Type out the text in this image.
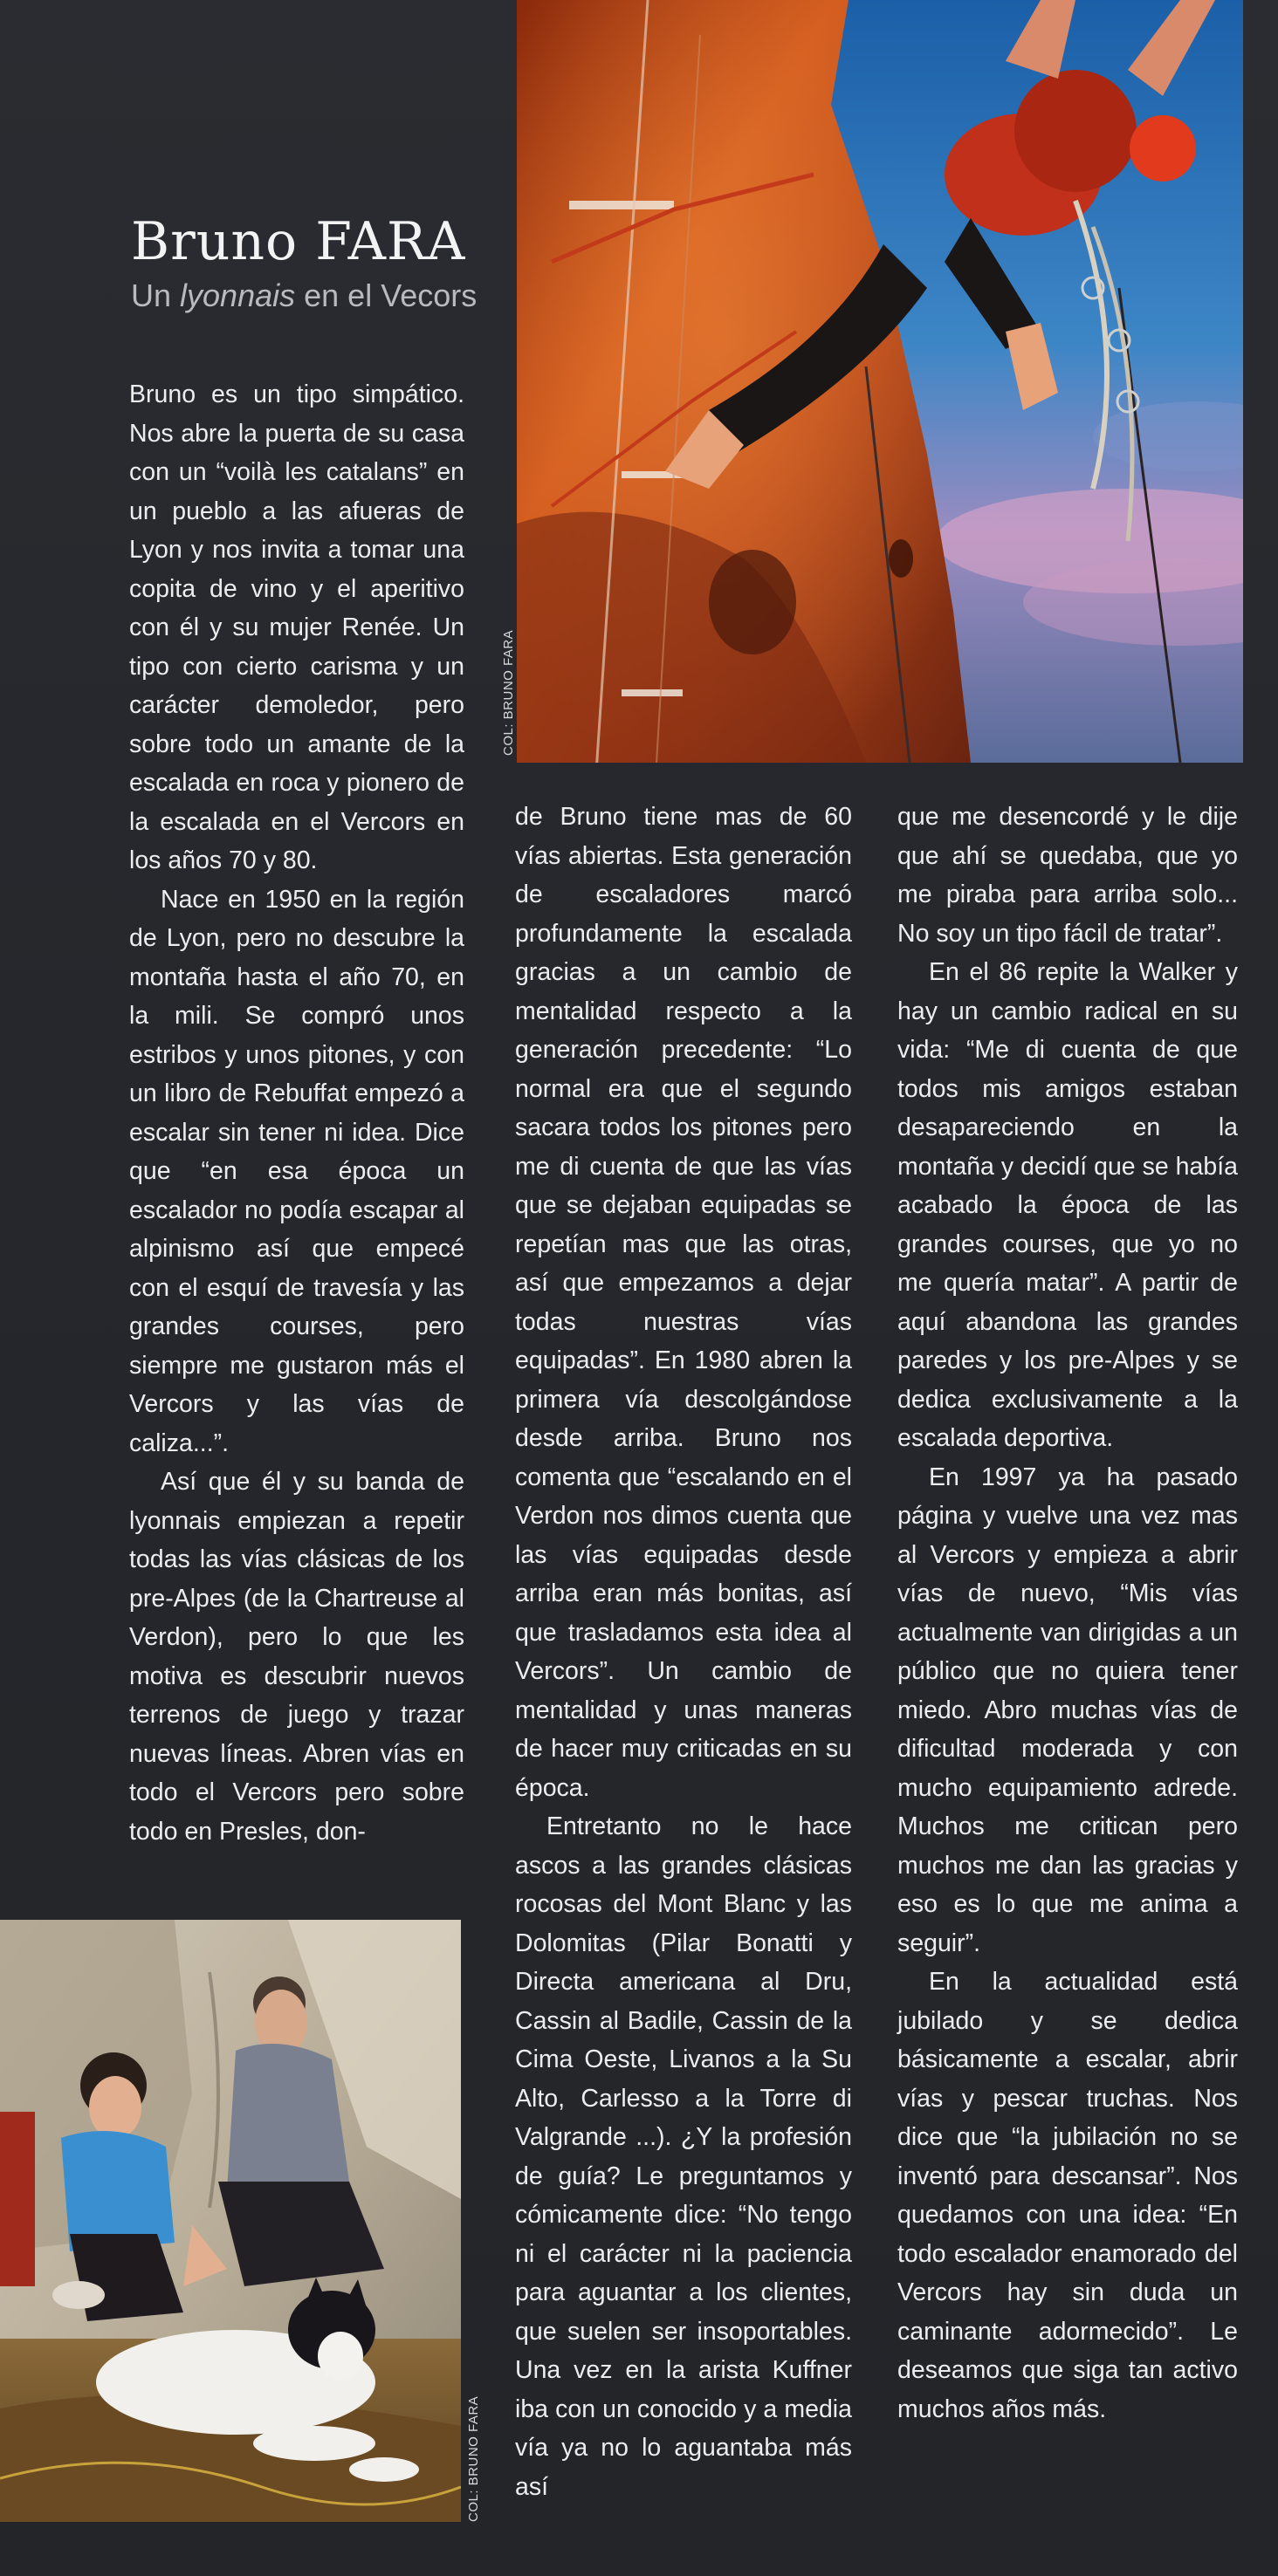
COL: BRUNO FARA
Bruno FARA
Un lyonnais en el Vecors

Bruno es un tipo simpático. Nos abre la puerta de su casa con un “voilà les catalans” en un pueblo a las afueras de Lyon y nos invita a tomar una copita de vino y el aperitivo con él y su mujer Renée. Un tipo con cierto carisma y un carácter demoledor, pero sobre todo un amante de la escalada en roca y pionero de la escalada en el Vercors en los años 70 y 80.

Nace en 1950 en la región de Lyon, pero no descubre la montaña hasta el año 70, en la mili. Se compró unos estribos y unos pitones, y con un libro de Rebuffat empezó a escalar sin tener ni idea. Dice que “en esa época un escalador no podía escapar al alpinismo así que empecé con el esquí de travesía y las grandes courses, pero siempre me gustaron más el Vercors y las vías de caliza...”.

Así que él y su banda de lyonnais empiezan a repetir todas las vías clásicas de los pre-Alpes (de la Chartreuse al Verdon), pero lo que les motiva es descubrir nuevos terrenos de juego y trazar nuevas líneas. Abren vías en todo el Vercors pero sobre todo en Presles, don-

de Bruno tiene mas de 60 vías abiertas. Esta generación de escaladores marcó profundamente la escalada gracias a un cambio de mentalidad respecto a la generación precedente: “Lo normal era que el segundo sacara todos los pitones pero me di cuenta de que las vías que se dejaban equipadas se repetían mas que las otras, así que empezamos a dejar todas nuestras vías equipadas”. En 1980 abren la primera vía descolgándose desde arriba. Bruno nos comenta que “escalando en el Verdon nos dimos cuenta que las vías equipadas desde arriba eran más bonitas, así que trasladamos esta idea al Vercors”. Un cambio de mentalidad y unas maneras de hacer muy criticadas en su época.

Entretanto no le hace ascos a las grandes clásicas rocosas del Mont Blanc y las Dolomitas (Pilar Bonatti y Directa americana al Dru, Cassin al Badile, Cassin de la Cima Oeste, Livanos a la Su Alto, Carlesso a la Torre di Valgrande ...). ¿Y la profesión de guía? Le preguntamos y cómicamente dice: “No tengo ni el carácter ni la paciencia para aguantar a los clientes, que suelen ser insoportables. Una vez en la arista Kuffner iba con un conocido y a media vía ya no lo aguantaba más así

que me desencordé y le dije que ahí se quedaba, que yo me piraba para arriba solo... No soy un tipo fácil de tratar”.

En el 86 repite la Walker y hay un cambio radical en su vida: “Me di cuenta de que todos mis amigos estaban desapareciendo en la montaña y decidí que se había acabado la época de las grandes courses, que yo no me quería matar”. A partir de aquí abandona las grandes paredes y los pre-Alpes y se dedica exclusivamente a la escalada deportiva.

En 1997 ya ha pasado página y vuelve una vez mas al Vercors y empieza a abrir vías de nuevo, “Mis vías actualmente van dirigidas a un público que no quiera tener miedo. Abro muchas vías de dificultad moderada y con mucho equipamiento adrede. Muchos me critican pero muchos me dan las gracias y eso es lo que me anima a seguir”.

En la actualidad está jubilado y se dedica básicamente a escalar, abrir vías y pescar truchas. Nos dice que “la jubilación no se inventó para descansar”. Nos quedamos con una idea: “En todo escalador enamorado del Vercors hay sin duda un caminante adormecido”. Le deseamos que siga tan activo muchos años más.

COL: BRUNO FARA
